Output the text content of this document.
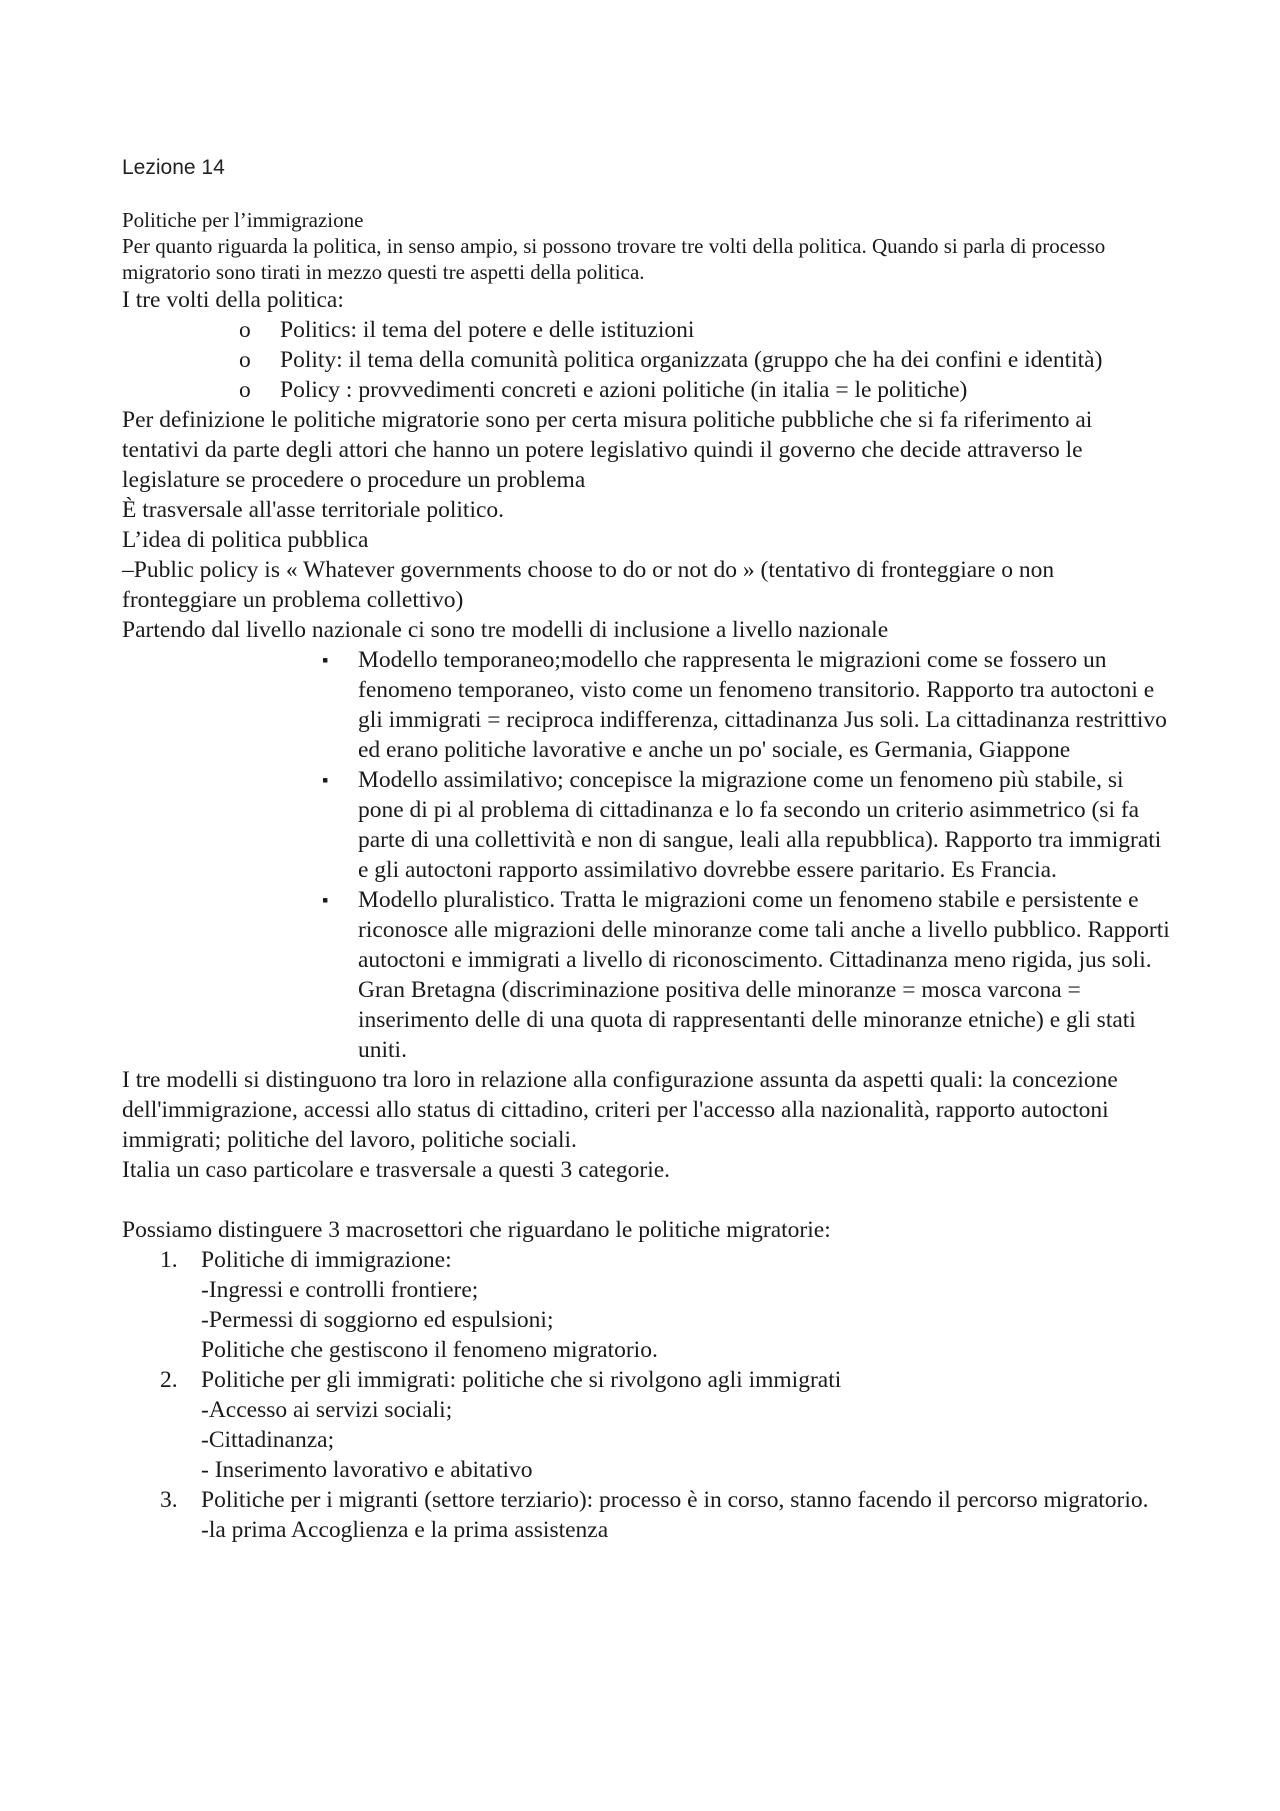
Lezione 14

Politiche per l’immigrazione

Per quanto riguarda la politica, in senso ampio, si possono trovare tre volti della politica. Quando si parla di processo migratorio sono tirati in mezzo questi tre aspetti della politica.

I tre volti della politica:

o Politics: il tema del potere e delle istituzioni
o Polity: il tema della comunità politica organizzata (gruppo che ha dei confini e identità)
o Policy : provvedimenti concreti e azioni politiche (in italia = le politiche)

Per definizione le politiche migratorie sono per certa misura politiche pubbliche che si fa riferimento ai tentativi da parte degli attori che hanno un potere legislativo quindi il governo che decide attraverso le legislature se procedere o procedure un problema

È trasversale all'asse territoriale politico.

L’idea di politica pubblica

–Public policy is « Whatever governments choose to do or not do » (tentativo di fronteggiare o non fronteggiare un problema collettivo)

Partendo dal livello nazionale ci sono tre modelli di inclusione a livello nazionale

▪ Modello temporaneo;modello che rappresenta le migrazioni come se fossero un fenomeno temporaneo, visto come un fenomeno transitorio. Rapporto tra autoctoni e gli immigrati = reciproca indifferenza, cittadinanza Jus soli. La cittadinanza restrittivo ed erano politiche lavorative e anche un po' sociale, es Germania, Giappone
▪ Modello assimilativo; concepisce la migrazione come un fenomeno più stabile, si pone di pi al problema di cittadinanza e lo fa secondo un criterio asimmetrico (si fa parte di una collettività e non di sangue, leali alla repubblica). Rapporto tra immigrati e gli autoctoni rapporto assimilativo dovrebbe essere paritario. Es Francia.
▪ Modello pluralistico. Tratta le migrazioni come un fenomeno stabile e persistente e riconosce alle migrazioni delle minoranze come tali anche a livello pubblico. Rapporti autoctoni e immigrati a livello di riconoscimento. Cittadinanza meno rigida, jus soli. Gran Bretagna (discriminazione positiva delle minoranze = mosca varcona = inserimento delle di una quota di rappresentanti delle minoranze etniche) e gli stati uniti.

I tre modelli si distinguono tra loro in relazione alla configurazione assunta da aspetti quali: la concezione dell'immigrazione, accessi allo status di cittadino, criteri per l'accesso alla nazionalità, rapporto autoctoni immigrati; politiche del lavoro, politiche sociali.

Italia un caso particolare e trasversale a questi 3 categorie.

Possiamo distinguere 3 macrosettori che riguardano le politiche migratorie:

1. Politiche di immigrazione:
-Ingressi e controlli frontiere;
-Permessi di soggiorno ed espulsioni;
Politiche che gestiscono il fenomeno migratorio.
2. Politiche per gli immigrati: politiche che si rivolgono agli immigrati
-Accesso ai servizi sociali;
-Cittadinanza;
- Inserimento lavorativo e abitativo
3. Politiche per i migranti (settore terziario): processo è in corso, stanno facendo il percorso migratorio.
-la prima Accoglienza e la prima assistenza
